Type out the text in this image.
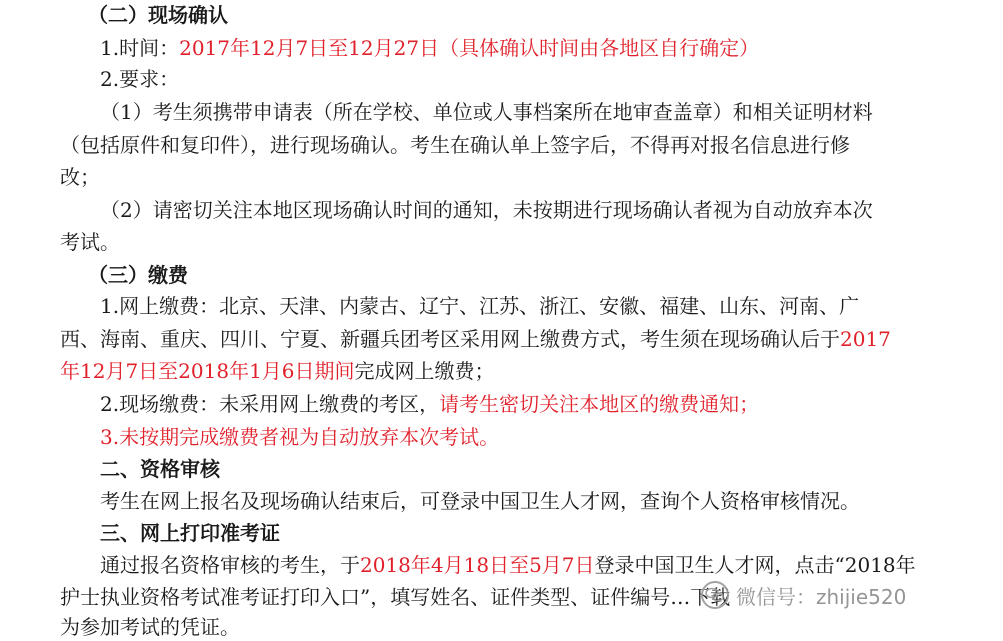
（二）现场确认
1.时间：2017年12月7日至12月27日（具体确认时间由各地区自行确定）
2.要求：
（1）考生须携带申请表（所在学校、单位或人事档案所在地审查盖章）和相关证明材料
（包括原件和复印件），进行现场确认。考生在确认单上签字后，不得再对报名信息进行修
改；
（2）请密切关注本地区现场确认时间的通知，未按期进行现场确认者视为自动放弃本次
考试。
（三）缴费
1.网上缴费：北京、天津、内蒙古、辽宁、江苏、浙江、安徽、福建、山东、河南、广
西、海南、重庆、四川、宁夏、新疆兵团考区采用网上缴费方式，考生须在现场确认后于2017
年12月7日至2018年1月6日期间完成网上缴费；
2.现场缴费：未采用网上缴费的考区，请考生密切关注本地区的缴费通知；
3.未按期完成缴费者视为自动放弃本次考试。
二、资格审核
考生在网上报名及现场确认结束后，可登录中国卫生人才网，查询个人资格审核情况。
三、网上打印准考证
通过报名资格审核的考生，于2018年4月18日至5月7日登录中国卫生人才网，点击“2018年
护士执业资格考试准考证打印入口”，填写姓名、证件类型、证件编号…下载
为参加考试的凭证。
微信号：zhijie520
